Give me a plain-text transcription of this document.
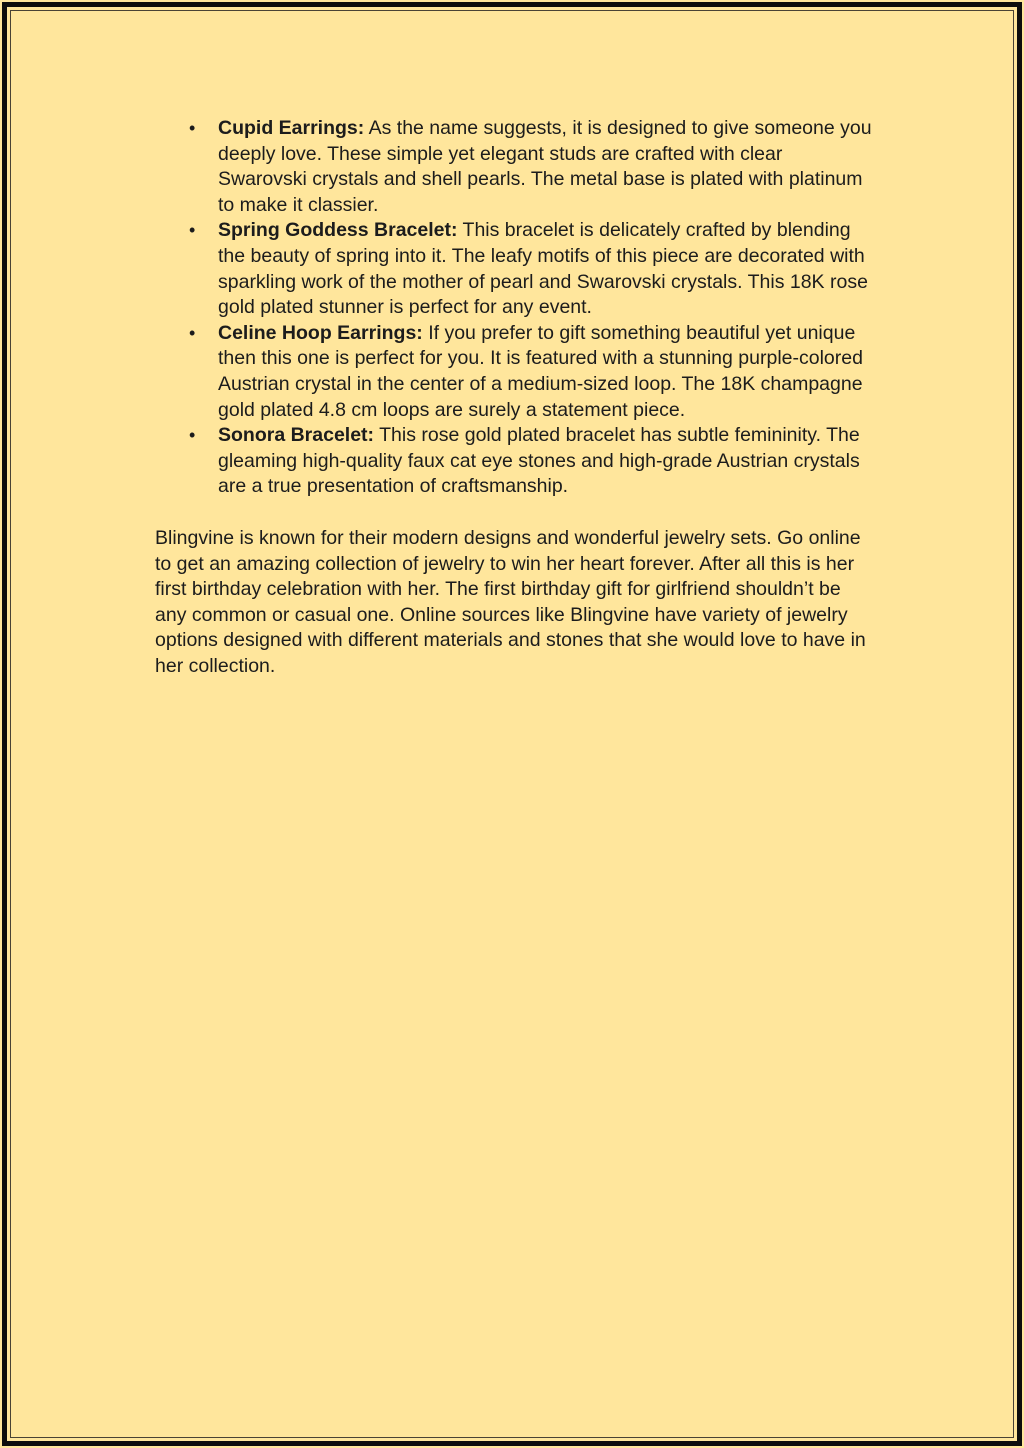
• Cupid Earrings: As the name suggests, it is designed to give someone you deeply love. These simple yet elegant studs are crafted with clear Swarovski crystals and shell pearls. The metal base is plated with platinum to make it classier.
• Spring Goddess Bracelet: This bracelet is delicately crafted by blending the beauty of spring into it. The leafy motifs of this piece are decorated with sparkling work of the mother of pearl and Swarovski crystals. This 18K rose gold plated stunner is perfect for any event.
• Celine Hoop Earrings: If you prefer to gift something beautiful yet unique then this one is perfect for you. It is featured with a stunning purple-colored Austrian crystal in the center of a medium-sized loop. The 18K champagne gold plated 4.8 cm loops are surely a statement piece.
• Sonora Bracelet: This rose gold plated bracelet has subtle femininity. The gleaming high-quality faux cat eye stones and high-grade Austrian crystals are a true presentation of craftsmanship.

Blingvine is known for their modern designs and wonderful jewelry sets. Go online to get an amazing collection of jewelry to win her heart forever. After all this is her first birthday celebration with her. The first birthday gift for girlfriend shouldn’t be any common or casual one. Online sources like Blingvine have variety of jewelry options designed with different materials and stones that she would love to have in her collection.
